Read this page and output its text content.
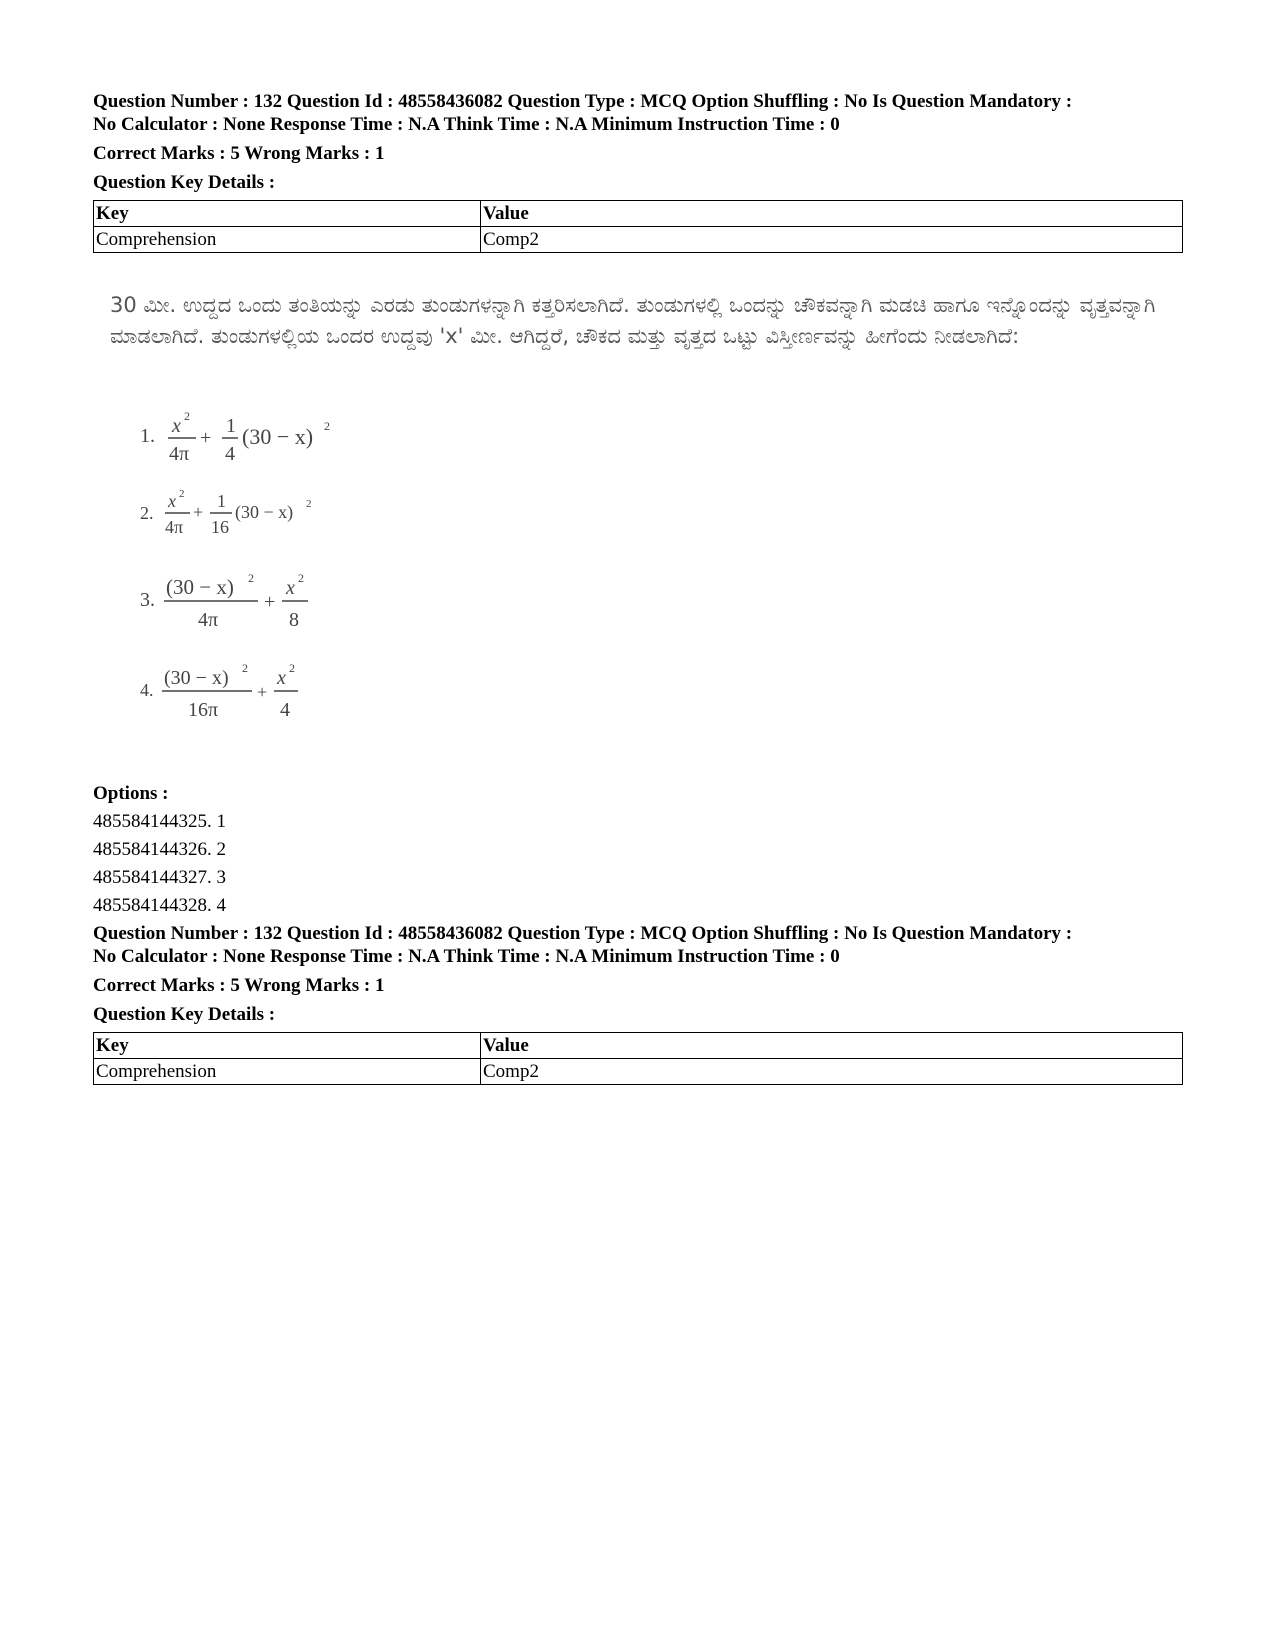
Question Number : 132 Question Id : 48558436082 Question Type : MCQ Option Shuffling : No Is Question Mandatory :

No Calculator : None Response Time : N.A Think Time : N.A Minimum Instruction Time : 0

Correct Marks : 5 Wrong Marks : 1

Question Key Details :

Key	Value
Comprehension	Comp2

30 ಮೀ. ಉದ್ದದ ಒಂದು ತಂತಿಯನ್ನು ಎರಡು ತುಂಡುಗಳನ್ನಾಗಿ ಕತ್ತರಿಸಲಾಗಿದೆ. ತುಂಡುಗಳಲ್ಲಿ ಒಂದನ್ನು ಚೌಕವನ್ನಾಗಿ ಮಡಚಿ ಹಾಗೂ ಇನ್ನೊಂದನ್ನು ವೃತ್ತವನ್ನಾಗಿ ಮಾಡಲಾಗಿದೆ. ತುಂಡುಗಳಲ್ಲಿಯ ಒಂದರ ಉದ್ದವು 'x' ಮೀ. ಆಗಿದ್ದರೆ, ಚೌಕದ ಮತ್ತು ವೃತ್ತದ ಒಟ್ಟು ವಿಸ್ತೀರ್ಣವನ್ನು ಹೀಗೆಂದು ನೀಡಲಾಗಿದೆ:

1. x 2
4π
+
1
4
(30 − x) 2
2.
x 2
4π
+
1
16
(30 − x) 2
3.
(30 − x) 2
4π
+
x 2
8
4.
(30 − x) 2
16π
+
x 2
4
Options :
485584144325. 1
485584144326. 2
485584144327. 3
485584144328. 4

Question Number : 132 Question Id : 48558436082 Question Type : MCQ Option Shuffling : No Is Question Mandatory :

No Calculator : None Response Time : N.A Think Time : N.A Minimum Instruction Time : 0

Correct Marks : 5 Wrong Marks : 1

Question Key Details :

Key	Value
Comprehension	Comp2
